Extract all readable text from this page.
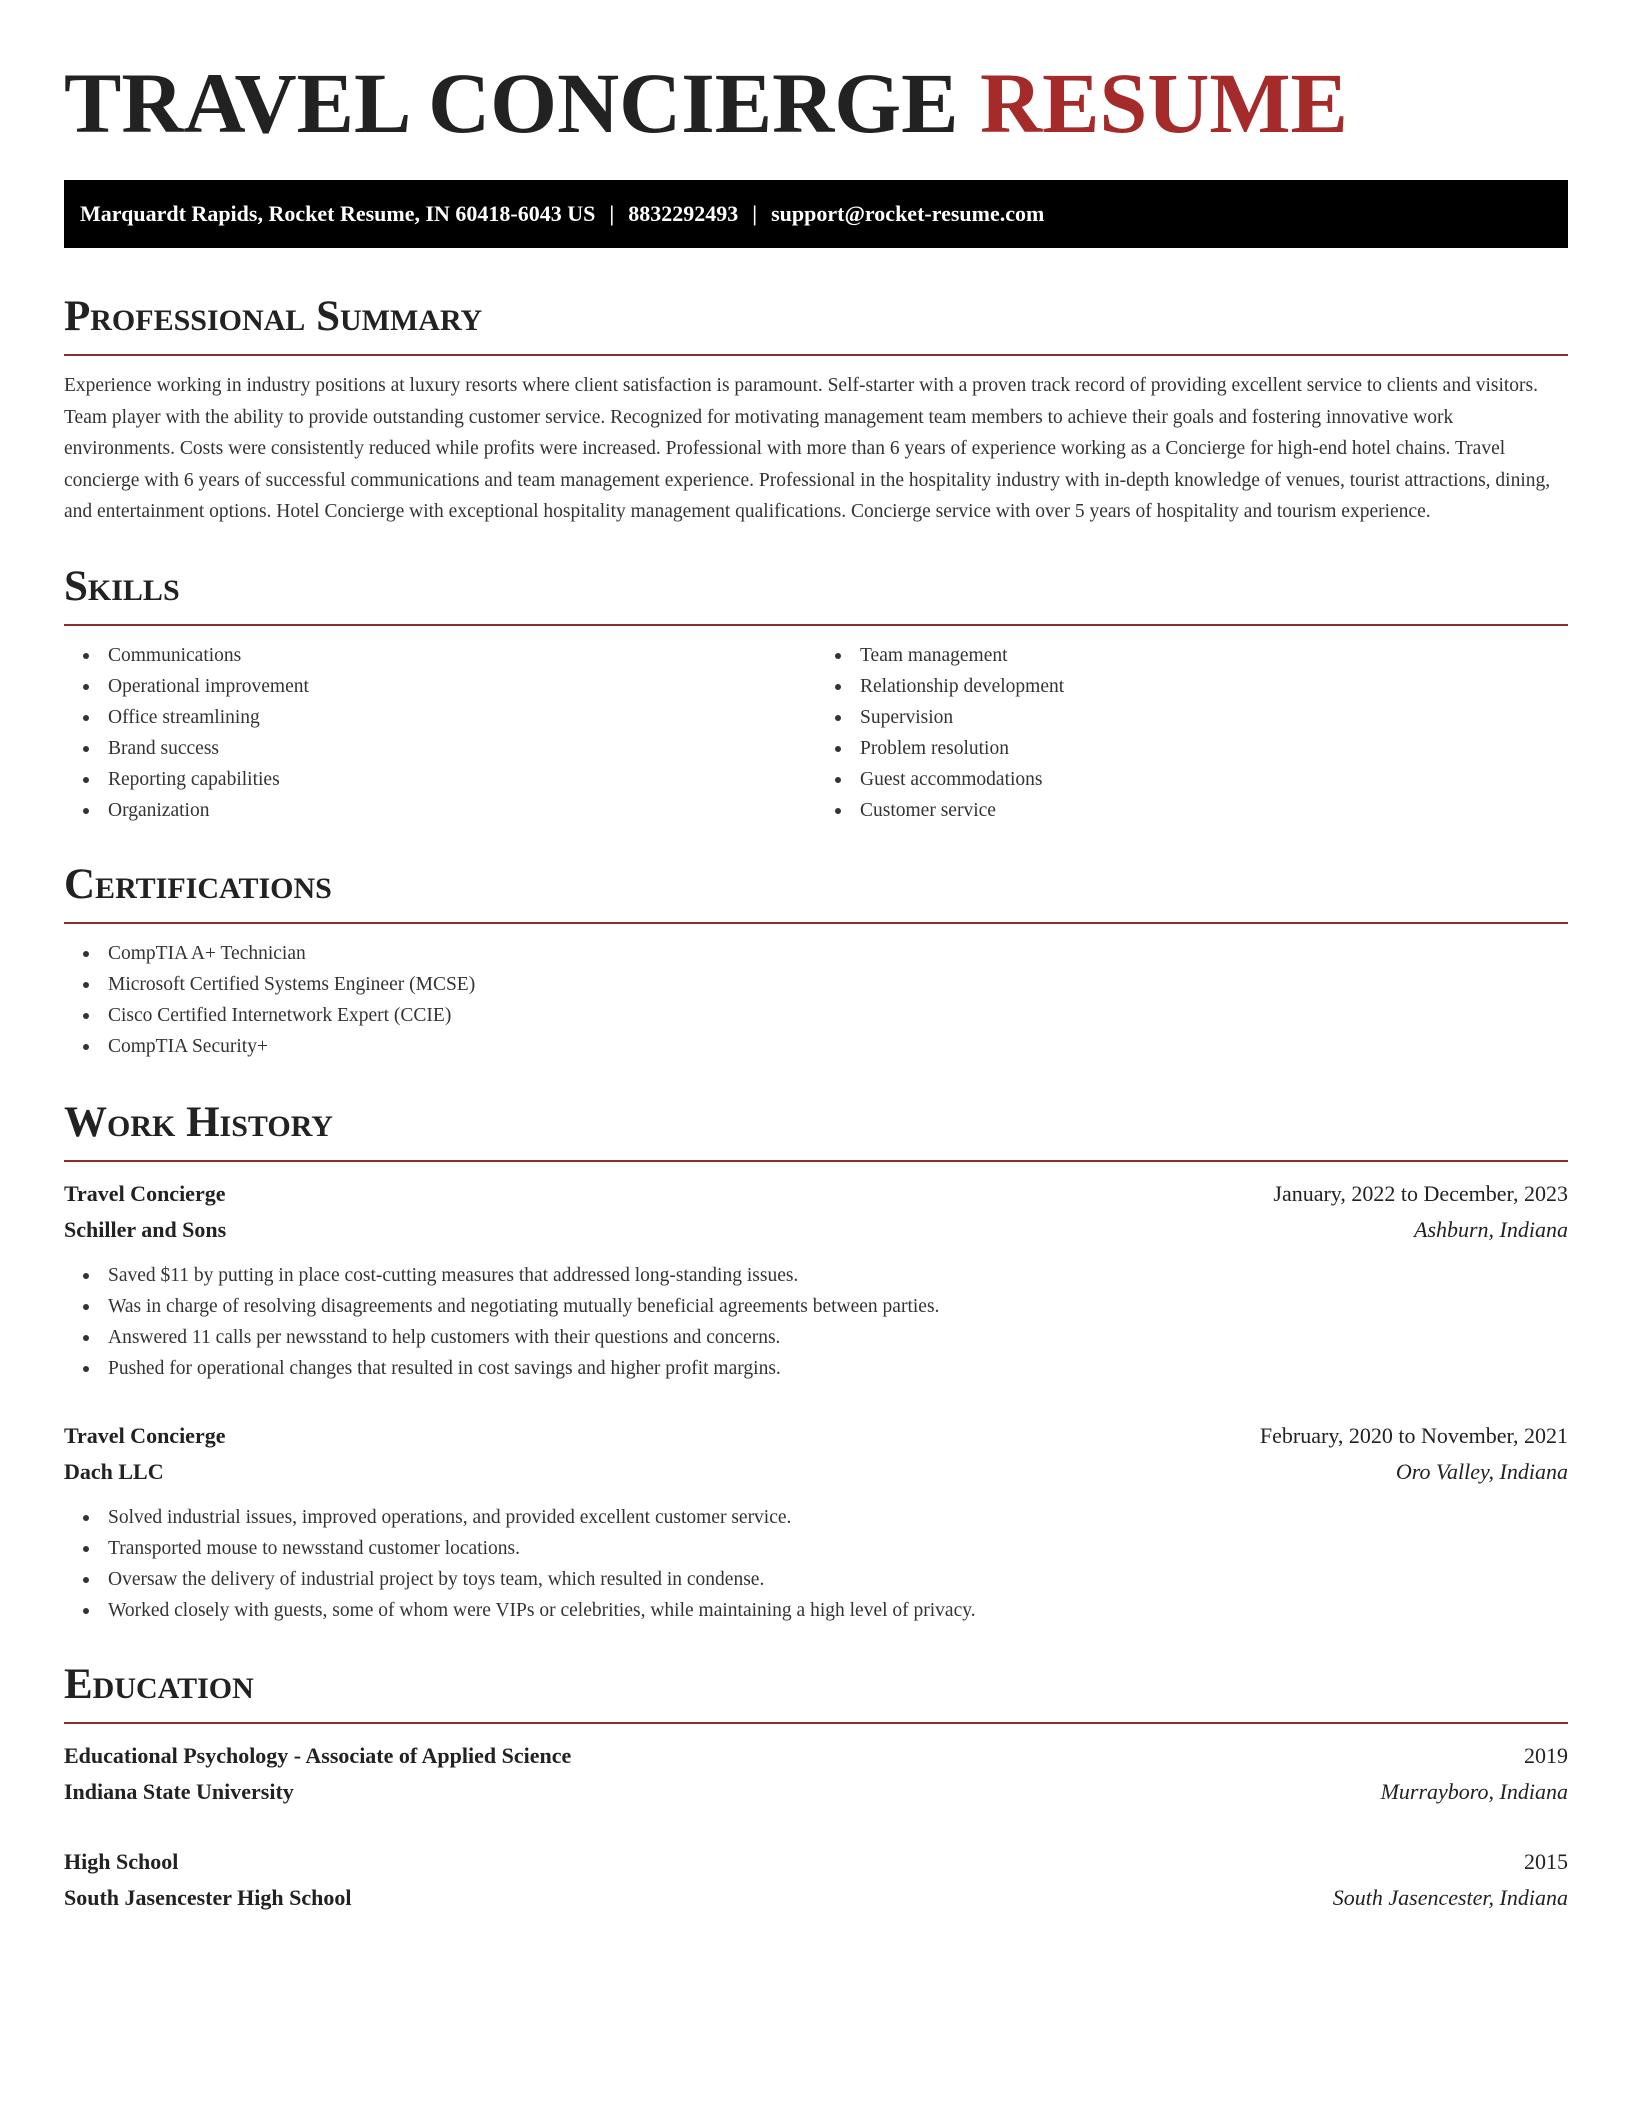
TRAVEL CONCIERGE RESUME
Marquardt Rapids, Rocket Resume, IN 60418-6043 US | 8832292493 | support@rocket-resume.com
Professional Summary

Experience working in industry positions at luxury resorts where client satisfaction is paramount. Self-starter with a proven track record of providing excellent service to clients and visitors. Team player with the ability to provide outstanding customer service. Recognized for motivating management team members to achieve their goals and fostering innovative work environments. Costs were consistently reduced while profits were increased. Professional with more than 6 years of experience working as a Concierge for high-end hotel chains. Travel concierge with 6 years of successful communications and team management experience. Professional in the hospitality industry with in-depth knowledge of venues, tourist attractions, dining, and entertainment options. Hotel Concierge with exceptional hospitality management qualifications. Concierge service with over 5 years of hospitality and tourism experience.

Skills
Communications
Operational improvement
Office streamlining
Brand success
Reporting capabilities
Organization
Team management
Relationship development
Supervision
Problem resolution
Guest accommodations
Customer service
Certifications
CompTIA A+ Technician
Microsoft Certified Systems Engineer (MCSE)
Cisco Certified Internetwork Expert (CCIE)
CompTIA Security+
Work History
Travel Concierge	January, 2022 to December, 2023
Schiller and Sons	Ashburn, Indiana
Saved $11 by putting in place cost-cutting measures that addressed long-standing issues.
Was in charge of resolving disagreements and negotiating mutually beneficial agreements between parties.
Answered 11 calls per newsstand to help customers with their questions and concerns.
Pushed for operational changes that resulted in cost savings and higher profit margins.
Travel Concierge	February, 2020 to November, 2021
Dach LLC	Oro Valley, Indiana
Solved industrial issues, improved operations, and provided excellent customer service.
Transported mouse to newsstand customer locations.
Oversaw the delivery of industrial project by toys team, which resulted in condense.
Worked closely with guests, some of whom were VIPs or celebrities, while maintaining a high level of privacy.
Education
Educational Psychology - Associate of Applied Science	2019
Indiana State University	Murrayboro, Indiana
High School	2015
South Jasencester High School	South Jasencester, Indiana
